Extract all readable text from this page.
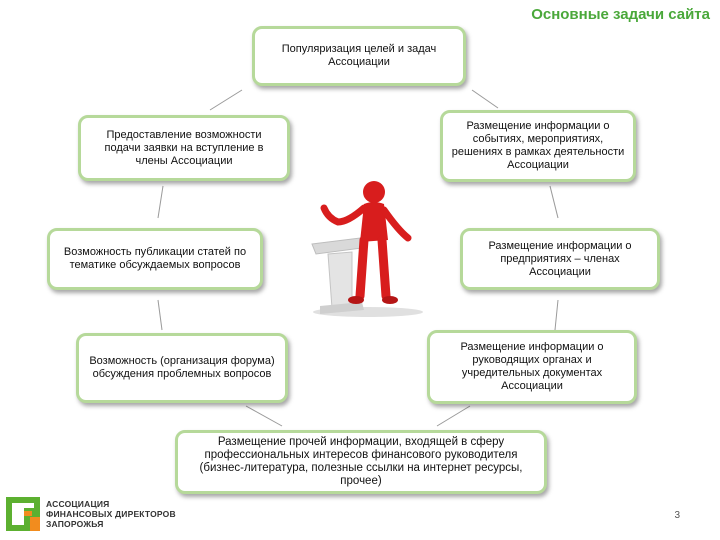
Основные задачи сайта
Популяризация целей и задач Ассоциации
Предоставление возможности подачи заявки на вступление в члены Ассоциации
Размещение информации о событиях, мероприятиях, решениях в рамках деятельности Ассоциации
Возможность публикации статей по тематике обсуждаемых вопросов
Размещение информации о предприятиях – членах Ассоциации
Возможность (организация форума) обсуждения проблемных вопросов
Размещение информации о руководящих органах и учредительных документах Ассоциации
Размещение прочей информации, входящей в сферу профессиональных интересов финансового руководителя (бизнес-литература, полезные ссылки на интернет ресурсы, прочее)
АССОЦИАЦИЯ
ФИНАНСОВЫХ ДИРЕКТОРОВ
ЗАПОРОЖЬЯ
3
